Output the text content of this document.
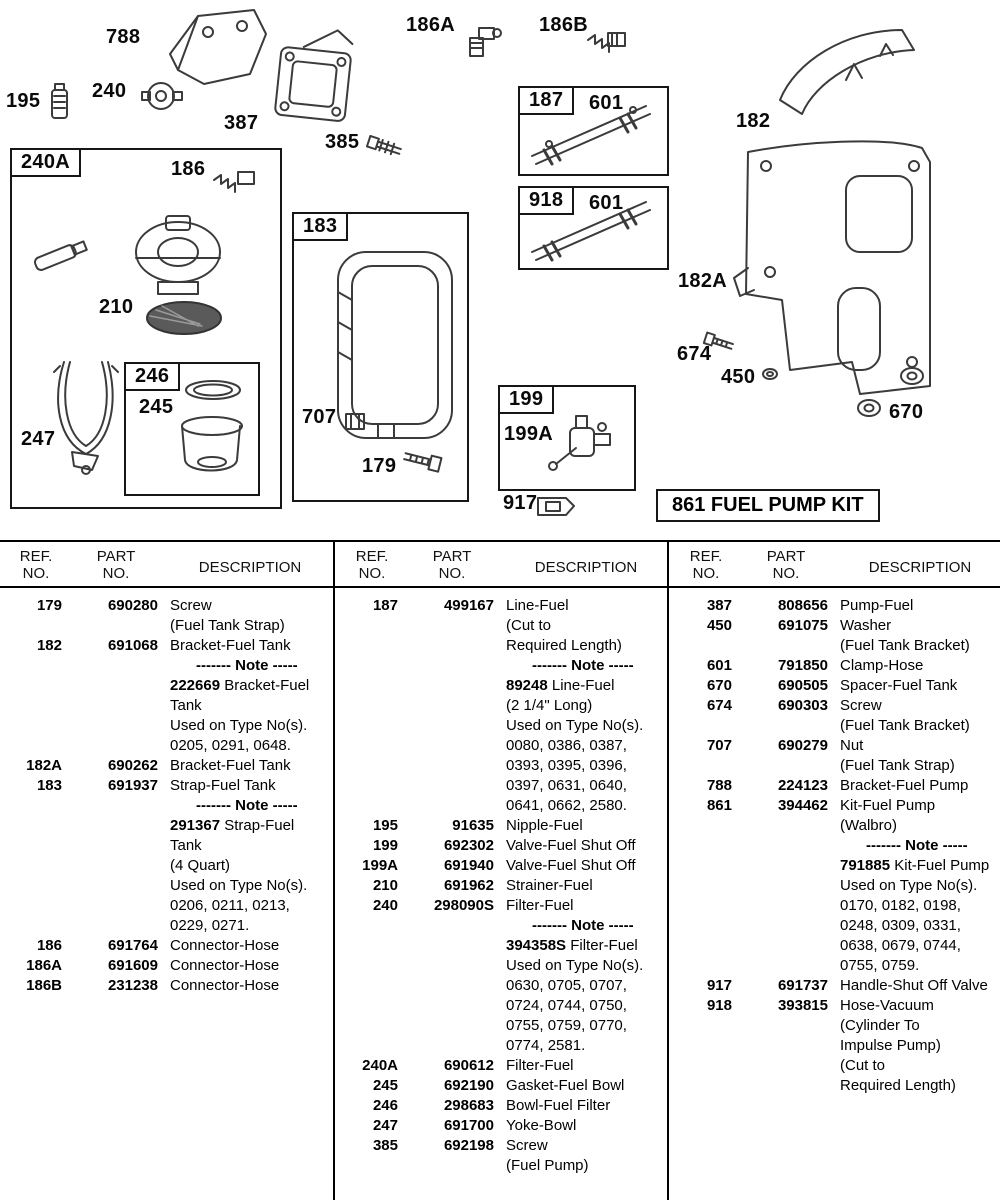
788
240
195
387
385
186A	186B
182
182A
240A	186
210
246
245
247
183
707
179
187	601
918	601
199
199A
674
450
670
917	861 FUEL PUMP KIT
REF.
NO.
PART
NO.	DESCRIPTION
179	690280 Screw
(Fuel Tank Strap)
182	691068 Bracket-Fuel Tank
------- Note -----
222669 Bracket-Fuel
Tank
Used on Type No(s).
0205, 0291, 0648.
182A	690262 Bracket-Fuel Tank
183	691937 Strap-Fuel Tank
------- Note -----
291367 Strap-Fuel
Tank
(4 Quart)
Used on Type No(s).
0206, 0211, 0213,
0229, 0271.
186	691764 Connector-Hose
186A	691609 Connector-Hose
186B	231238 Connector-Hose
REF.
NO.
PART
NO.	DESCRIPTION
187	499167 Line-Fuel
(Cut to
Required Length)
------- Note -----
89248 Line-Fuel
(2 1/4" Long)
Used on Type No(s).
0080, 0386, 0387,
0393, 0395, 0396,
0397, 0631, 0640,
0641, 0662, 2580.
195	91635 Nipple-Fuel
199	692302 Valve-Fuel Shut Off
199A	691940 Valve-Fuel Shut Off
210	691962 Strainer-Fuel
240	298090S Filter-Fuel
------- Note -----
394358S Filter-Fuel
Used on Type No(s).
0630, 0705, 0707,
0724, 0744, 0750,
0755, 0759, 0770,
0774, 2581.
240A	690612 Filter-Fuel
245	692190 Gasket-Fuel Bowl
246	298683 Bowl-Fuel Filter
247	691700 Yoke-Bowl
385	692198 Screw
(Fuel Pump)
REF.
NO.
PART
NO.	DESCRIPTION
387	808656 Pump-Fuel
450	691075 Washer
(Fuel Tank Bracket)
601	791850 Clamp-Hose
670	690505 Spacer-Fuel Tank
674	690303 Screw
(Fuel Tank Bracket)
707	690279 Nut
(Fuel Tank Strap)
788	224123 Bracket-Fuel Pump
861	394462 Kit-Fuel Pump
(Walbro)
------- Note -----
791885 Kit-Fuel Pump
Used on Type No(s).
0170, 0182, 0198,
0248, 0309, 0331,
0638, 0679, 0744,
0755, 0759.
917	691737 Handle-Shut Off Valve
918	393815 Hose-Vacuum
(Cylinder To
Impulse Pump)
(Cut to
Required Length)
